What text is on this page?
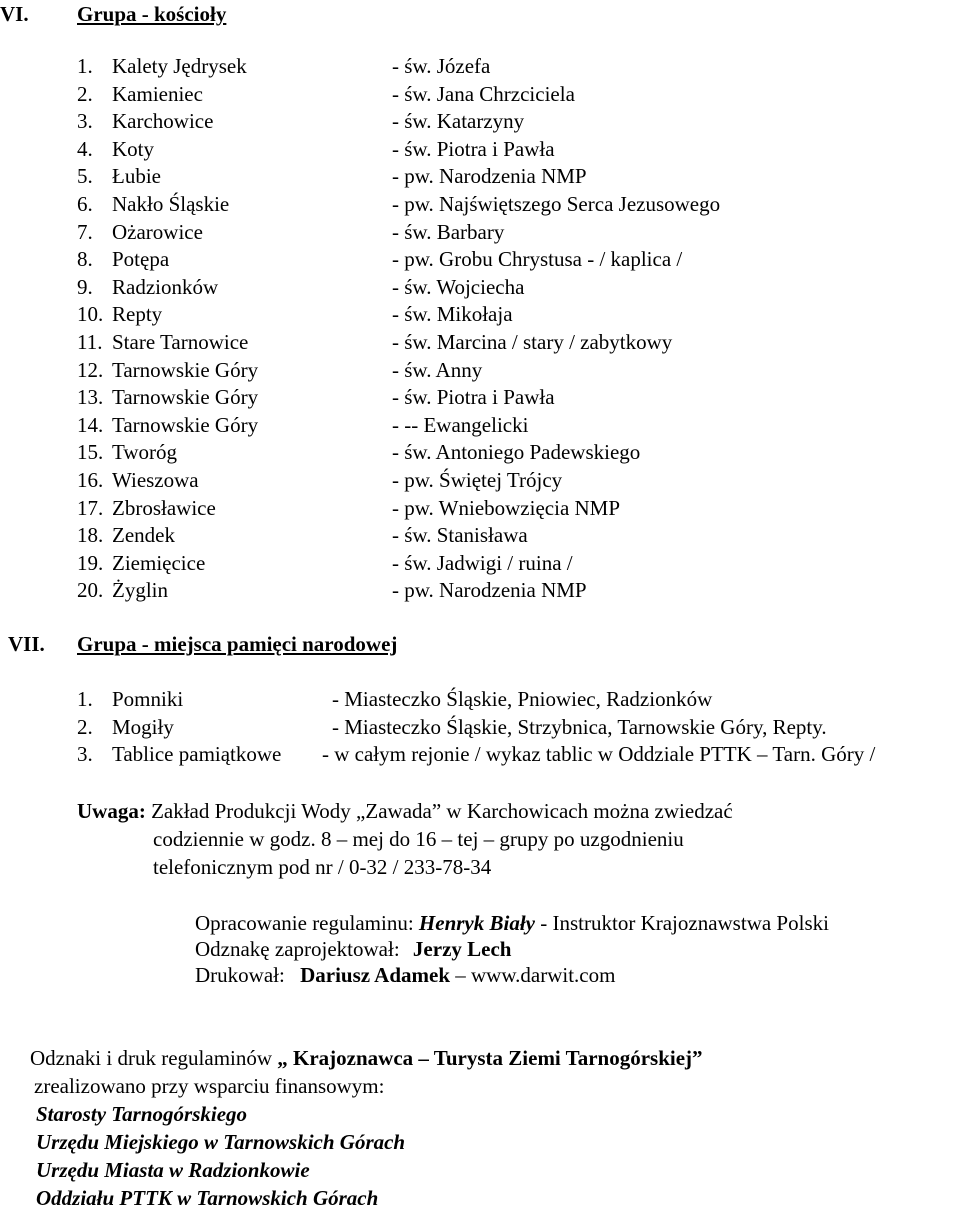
VI. Grupa - kościoły
1. Kalety Jędrysek	- św. Józefa
2. Kamieniec	- św. Jana Chrzciciela
3. Karchowice	- św. Katarzyny
4. Koty	- św. Piotra i Pawła
5. Łubie	- pw. Narodzenia NMP
6. Nakło Śląskie	- pw. Najświętszego Serca Jezusowego
7. Ożarowice	- św. Barbary
8. Potępa	- pw. Grobu Chrystusa - / kaplica /
9. Radzionków	- św. Wojciecha
10. Repty	- św. Mikołaja
11. Stare Tarnowice	- św. Marcina / stary / zabytkowy
12. Tarnowskie Góry	- św. Anny
13. Tarnowskie Góry	- św. Piotra i Pawła
14. Tarnowskie Góry	- -- Ewangelicki
15. Tworóg	- św. Antoniego Padewskiego
16. Wieszowa	- pw. Świętej Trójcy
17. Zbrosławice	- pw. Wniebowzięcia NMP
18. Zendek	- św. Stanisława
19. Ziemięcice	- św. Jadwigi / ruina /
20. Żyglin	- pw. Narodzenia NMP
VII. Grupa - miejsca pamięci narodowej
1. Pomniki	- Miasteczko Śląskie, Pniowiec, Radzionków
2. Mogiły	- Miasteczko Śląskie, Strzybnica, Tarnowskie Góry, Repty.
3. Tablice pamiątkowe - w całym rejonie / wykaz tablic w Oddziale PTTK – Tarn. Góry /
Uwaga: Zakład Produkcji Wody „Zawada” w Karchowicach można zwiedzać
codziennie w godz. 8 – mej do 16 – tej – grupy po uzgodnieniu
telefonicznym pod nr / 0-32 / 233-78-34
Opracowanie regulaminu: Henryk Biały - Instruktor Krajoznawstwa Polski
Odznakę zaprojektował: Jerzy Lech
Drukował: Dariusz Adamek – www.darwit.com
Odznaki i druk regulaminów „ Krajoznawca – Turysta Ziemi Tarnogórskiej”
zrealizowano przy wsparciu finansowym:
Starosty Tarnogórskiego
Urzędu Miejskiego w Tarnowskich Górach
Urzędu Miasta w Radzionkowie
Oddziału PTTK w Tarnowskich Górach
